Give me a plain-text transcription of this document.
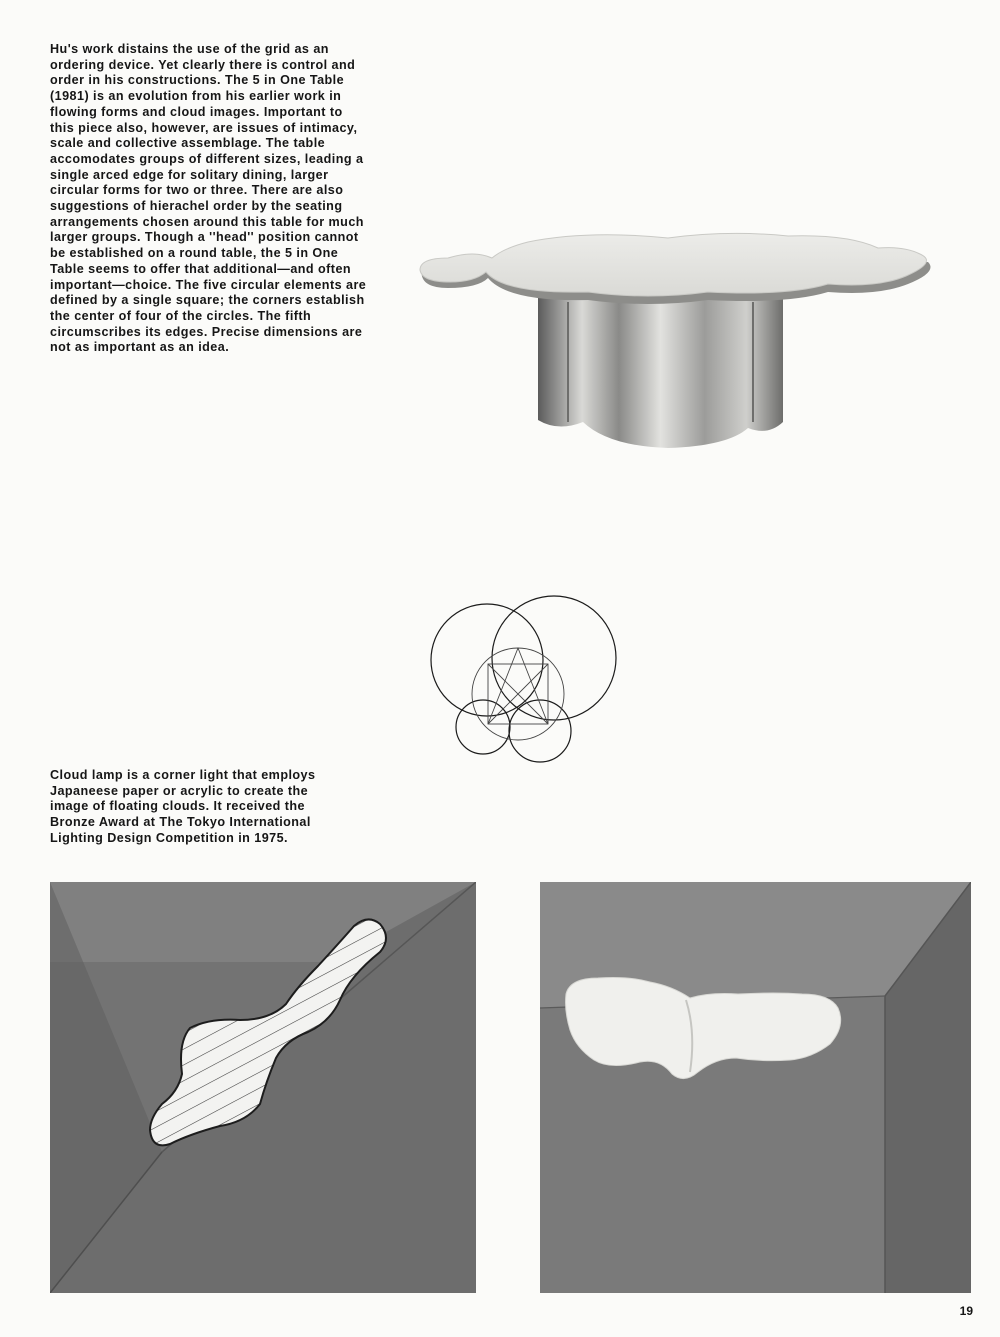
Hu's work distains the use of the grid as an ordering device. Yet clearly there is control and order in his constructions. The 5 in One Table (1981) is an evolution from his earlier work in flowing forms and cloud images. Important to this piece also, however, are issues of intimacy, scale and collective assemblage. The table accomodates groups of different sizes, leading a single arced edge for solitary dining, larger circular forms for two or three. There are also suggestions of hierachel order by the seating arrangements chosen around this table for much larger groups. Though a ''head'' position cannot be established on a round table, the 5 in One Table seems to offer that additional—and often important—choice. The five circular elements are defined by a single square; the corners establish the center of four of the circles. The fifth circumscribes its edges. Precise dimensions are not as important as an idea.

Cloud lamp is a corner light that employs Japaneese paper or acrylic to create the image of floating clouds. It received the Bronze Award at The Tokyo International Lighting Design Competition in 1975.

19
